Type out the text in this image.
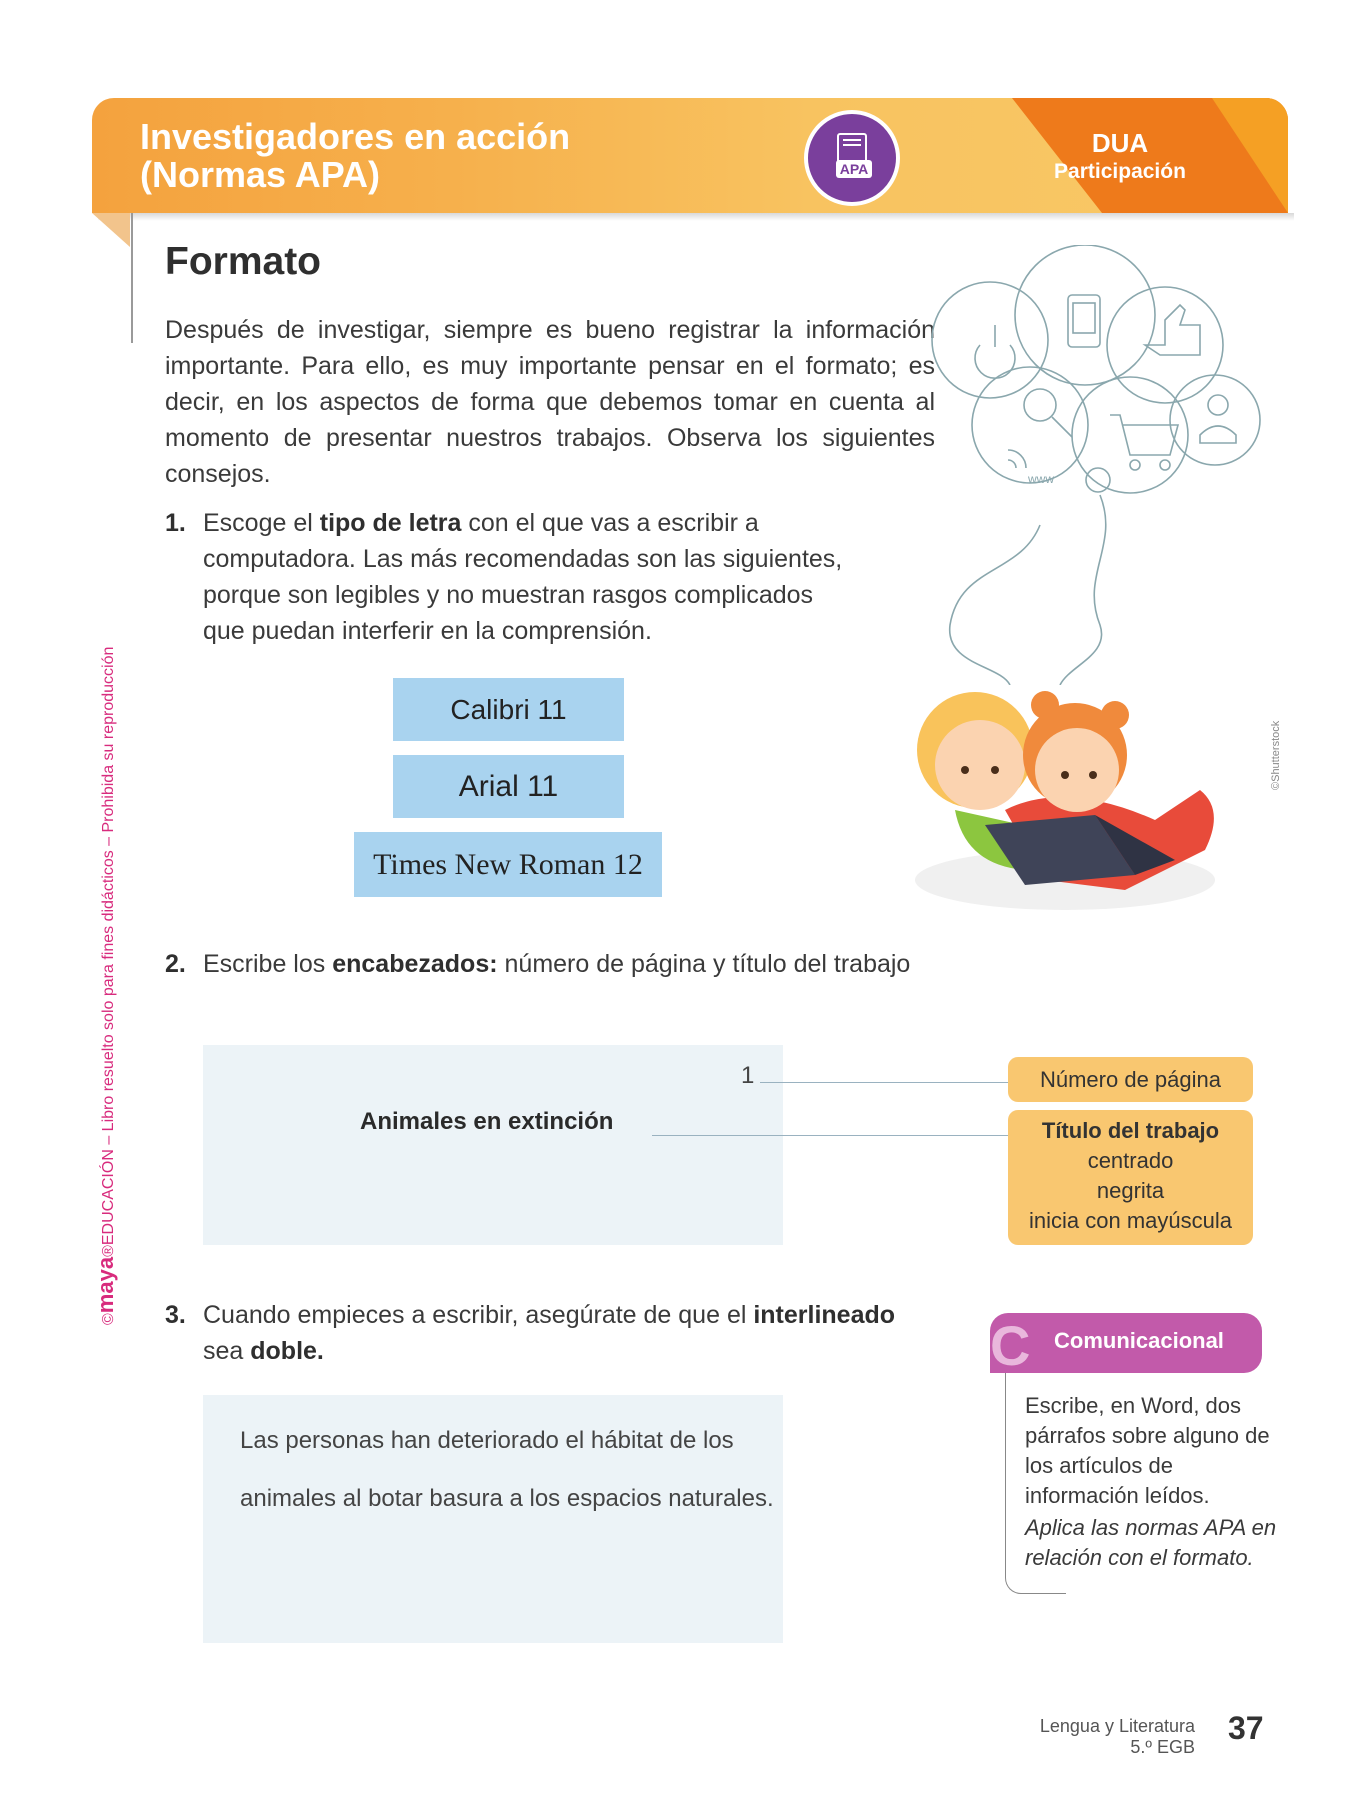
Investigadores en acción
(Normas APA)	APA
DUA
Participación
©maya®EDUCACIÓN – Libro resuelto solo para fines didácticos – Prohibida su reproducción
Formato
Después de investigar, siempre es bueno registrar la información importante. Para ello, es muy importante pensar en el formato; es decir, en los aspectos de forma que debemos tomar en cuenta al momento de presentar nuestros trabajos. Observa los siguientes consejos.	www
©Shutterstock
1. Escoge el tipo de letra con el que vas a escribir a
computadora. Las más recomendadas son las siguientes,
porque son legibles y no muestran rasgos complicados
que puedan interferir en la comprensión.
Calibri 11
Arial 11
Times New Roman 12
2. Escribe los encabezados: número de página y título del trabajo
1
Animales en extinción
Número de página
Título del trabajo
centrado
negrita
inicia con mayúscula
3. Cuando empieces a escribir, asegúrate de que el interlineado
sea doble.

Las personas han deteriorado el hábitat de los

animales al botar basura a los espacios naturales.

C Comunicacional
Escribe, en Word, dos párrafos sobre alguno de los artículos de información leídos.
Aplica las normas APA en relación con el formato.
Lengua y Literatura
5.º EGB
37
